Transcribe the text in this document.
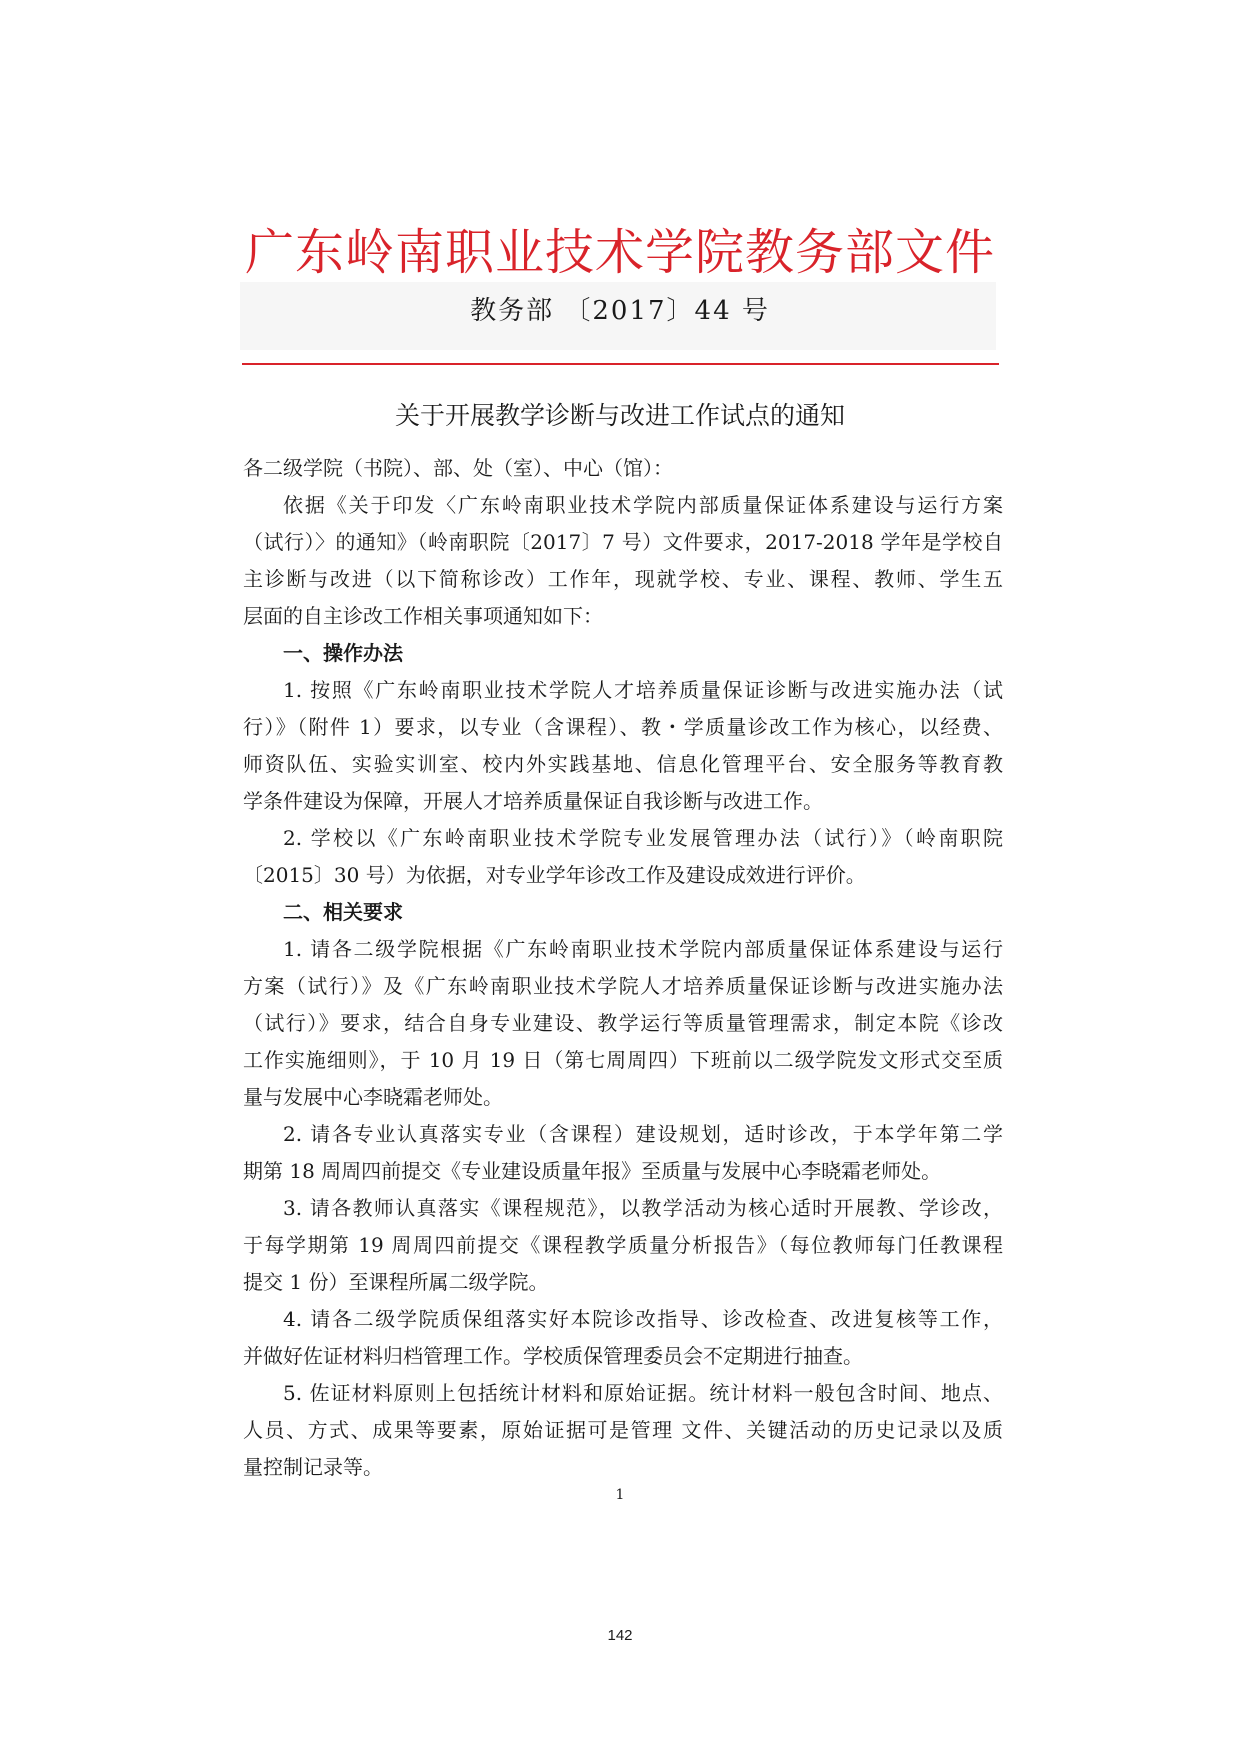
广东岭南职业技术学院教务部文件
教务部 〔2017〕44 号
关于开展教学诊断与改进工作试点的通知
各二级学院（书院）、部、处（室）、中心（馆）：
依据《关于印发〈广东岭南职业技术学院内部质量保证体系建设与运行方案
（试行）〉的通知》（岭南职院〔2017〕7 号）文件要求，2017-2018 学年是学校自
主诊断与改进（以下简称诊改）工作年，现就学校、专业、课程、教师、学生五
层面的自主诊改工作相关事项通知如下：
一、操作办法
1. 按照《广东岭南职业技术学院人才培养质量保证诊断与改进实施办法（试
行）》（附件 1）要求，以专业（含课程）、教・学质量诊改工作为核心，以经费、
师资队伍、实验实训室、校内外实践基地、信息化管理平台、安全服务等教育教
学条件建设为保障，开展人才培养质量保证自我诊断与改进工作。
2. 学校以《广东岭南职业技术学院专业发展管理办法（试行）》（岭南职院
〔2015〕30 号）为依据，对专业学年诊改工作及建设成效进行评价。
二、相关要求
1. 请各二级学院根据《广东岭南职业技术学院内部质量保证体系建设与运行
方案（试行）》及《广东岭南职业技术学院人才培养质量保证诊断与改进实施办法
（试行）》要求，结合自身专业建设、教学运行等质量管理需求，制定本院《诊改
工作实施细则》，于 10 月 19 日（第七周周四）下班前以二级学院发文形式交至质
量与发展中心李晓霜老师处。
2. 请各专业认真落实专业（含课程）建设规划，适时诊改，于本学年第二学
期第 18 周周四前提交《专业建设质量年报》至质量与发展中心李晓霜老师处。
3. 请各教师认真落实《课程规范》，以教学活动为核心适时开展教、学诊改，
于每学期第 19 周周四前提交《课程教学质量分析报告》（每位教师每门任教课程
提交 1 份）至课程所属二级学院。
4. 请各二级学院质保组落实好本院诊改指导、诊改检查、改进复核等工作，
并做好佐证材料归档管理工作。学校质保管理委员会不定期进行抽查。
5. 佐证材料原则上包括统计材料和原始证据。统计材料一般包含时间、地点、
人员、方式、成果等要素，原始证据可是管理 文件、关键活动的历史记录以及质
量控制记录等。
1
142
